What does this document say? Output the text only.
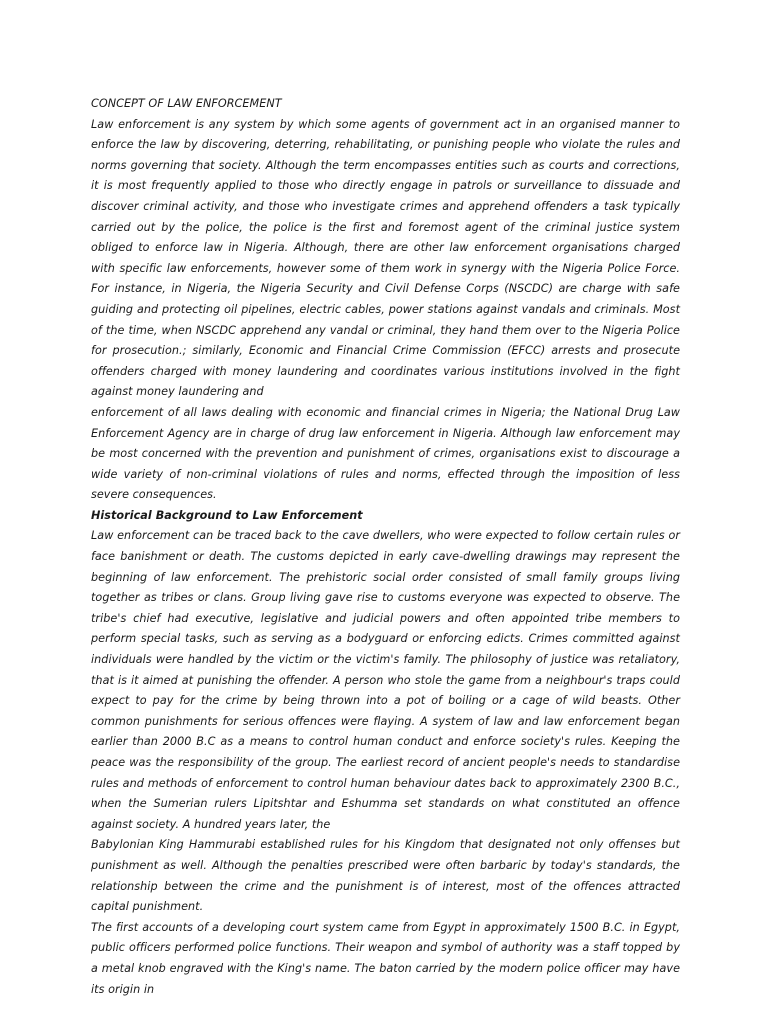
CONCEPT OF LAW ENFORCEMENT

Law enforcement is any system by which some agents of government act in an organised manner to enforce the law by discovering, deterring, rehabilitating, or punishing people who violate the rules and norms governing that society. Although the term encompasses entities such as courts and corrections, it is most frequently applied to those who directly engage in patrols or surveillance to dissuade and discover criminal activity, and those who investigate crimes and apprehend offenders a task typically carried out by the police, the police is the first and foremost agent of the criminal justice system obliged to enforce law in Nigeria. Although, there are other law enforcement organisations charged with specific law enforcements, however some of them work in synergy with the Nigeria Police Force. For instance, in Nigeria, the Nigeria Security and Civil Defense Corps (NSCDC) are charge with safe guiding and protecting oil pipelines, electric cables, power stations against vandals and criminals. Most of the time, when NSCDC apprehend any vandal or criminal, they hand them over to the Nigeria Police for prosecution.; similarly, Economic and Financial Crime Commission (EFCC) arrests and prosecute offenders charged with money laundering and coordinates various institutions involved in the fight against money laundering and

enforcement of all laws dealing with economic and financial crimes in Nigeria; the National Drug Law Enforcement Agency are in charge of drug law enforcement in Nigeria. Although law enforcement may be most concerned with the prevention and punishment of crimes, organisations exist to discourage a wide variety of non-criminal violations of rules and norms, effected through the imposition of less severe consequences.

Historical Background to Law Enforcement

Law enforcement can be traced back to the cave dwellers, who were expected to follow certain rules or face banishment or death. The customs depicted in early cave-dwelling drawings may represent the beginning of law enforcement. The prehistoric social order consisted of small family groups living together as tribes or clans. Group living gave rise to customs everyone was expected to observe. The tribe's chief had executive, legislative and judicial powers and often appointed tribe members to perform special tasks, such as serving as a bodyguard or enforcing edicts. Crimes committed against individuals were handled by the victim or the victim's family. The philosophy of justice was retaliatory, that is it aimed at punishing the offender. A person who stole the game from a neighbour's traps could expect to pay for the crime by being thrown into a pot of boiling or a cage of wild beasts. Other common punishments for serious offences were flaying. A system of law and law enforcement began earlier than 2000 B.C as a means to control human conduct and enforce society's rules. Keeping the peace was the responsibility of the group. The earliest record of ancient people's needs to standardise rules and methods of enforcement to control human behaviour dates back to approximately 2300 B.C., when the Sumerian rulers Lipitshtar and Eshumma set standards on what constituted an offence against society. A hundred years later, the

Babylonian King Hammurabi established rules for his Kingdom that designated not only offenses but punishment as well. Although the penalties prescribed were often barbaric by today's standards, the relationship between the crime and the punishment is of interest, most of the offences attracted capital punishment.

The first accounts of a developing court system came from Egypt in approximately 1500 B.C. in Egypt, public officers performed police functions. Their weapon and symbol of authority was a staff topped by a metal knob engraved with the King's name. The baton carried by the modern police officer may have its origin in
